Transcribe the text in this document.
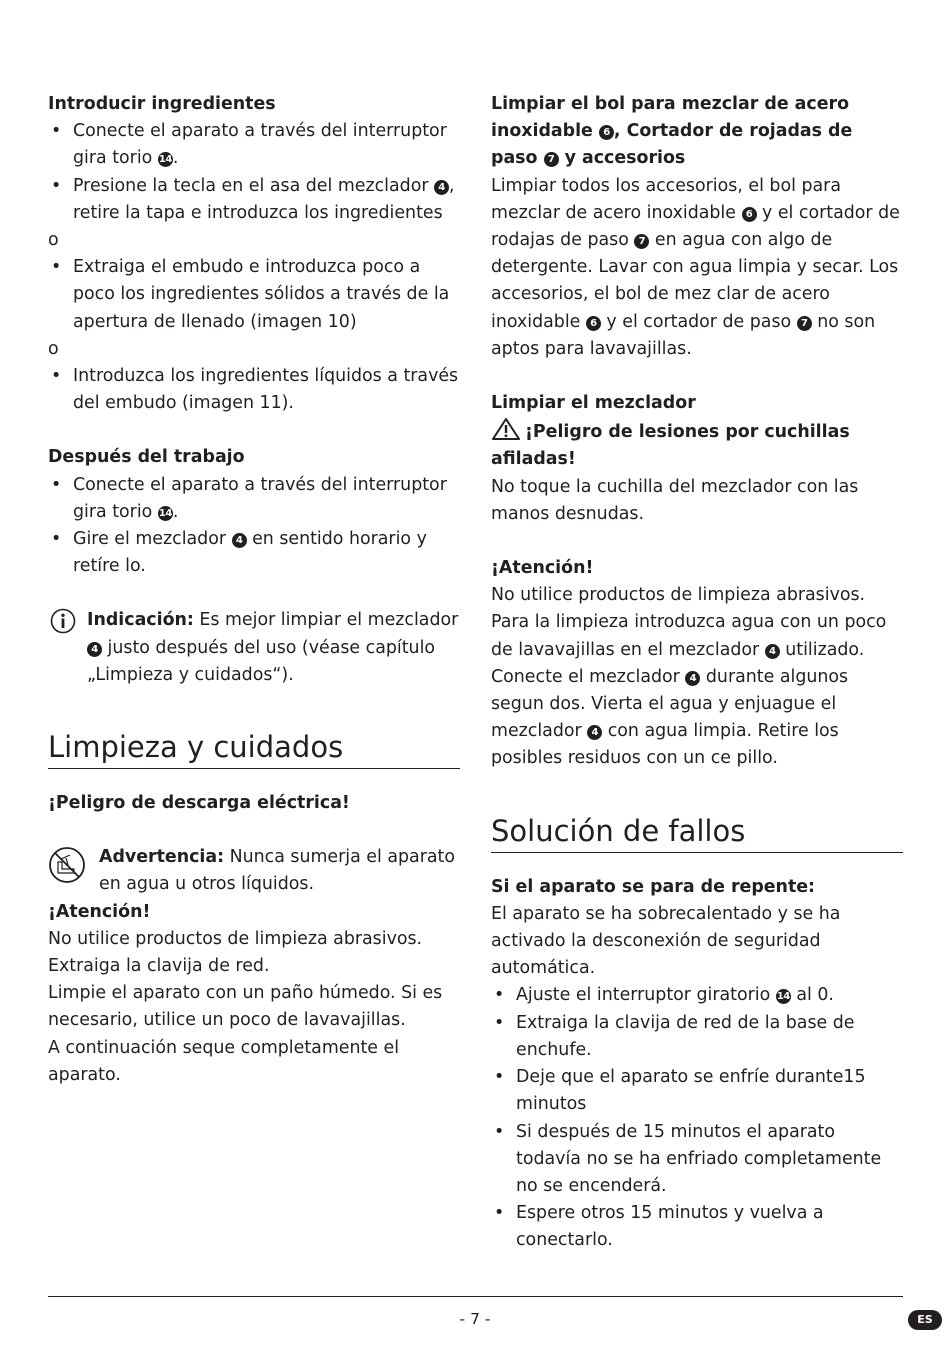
Introducir ingredientes

• Conecte el aparato a través del interruptor gira torio 14.
• Presione la tecla en el asa del mezclador 4 , retire la tapa e introduzca los ingredientes

o

• Extraiga el embudo e introduzca poco a poco los ingredientes sólidos a través de la apertura de llenado (imagen 10)

o

• Introduzca los ingredientes líquidos a través del embudo (imagen 11).

Después del trabajo

• Conecte el aparato a través del interruptor gira torio 14.
• Gire el mezclador 4 en sentido horario y retíre lo.
Indicación: Es mejor limpiar el mezclador 4 justo después del uso (véase capítulo „Limpieza y cuidados“).
Limpieza y cuidados

¡Peligro de descarga eléctrica!

Advertencia: Nunca sumerja el aparato en agua u otros líquidos.

¡Atención!

No utilice productos de limpieza abrasivos.

Extraiga la clavija de red.

Limpie el aparato con un paño húmedo. Si es necesario, utilice un poco de lavavajillas.

A continuación seque completamente el aparato.

Limpiar el bol para mezclar de acero inoxidable 6 , Cortador de rojadas de paso 7 y accesorios

Limpiar todos los accesorios, el bol para mezclar de acero inoxidable 6 y el cortador de rodajas de paso 7 en agua con algo de detergente. Lavar con agua limpia y secar. Los accesorios, el bol de mez clar de acero inoxidable 6 y el cortador de paso 7 no son aptos para lavavajillas.

Limpiar el mezclador

¡Peligro de lesiones por cuchillas afiladas!

No toque la cuchilla del mezclador con las manos desnudas.

¡Atención!

No utilice productos de limpieza abrasivos.

Para la limpieza introduzca agua con un poco de lavavajillas en el mezclador 4 utilizado.

Conecte el mezclador 4 durante algunos segun dos. Vierta el agua y enjuague el mezclador 4 con agua limpia. Retire los posibles residuos con un ce pillo.

Solución de fallos

Si el aparato se para de repente:

El aparato se ha sobrecalentado y se ha activado la desconexión de seguridad automática.

• Ajuste el interruptor giratorio 14 al 0.
• Extraiga la clavija de red de la base de enchufe.
• Deje que el aparato se enfríe durante15 minutos
• Si después de 15 minutos el aparato todavía no se ha enfriado completamente no se encenderá.
• Espere otros 15 minutos y vuelva a conectarlo.
- 7 -	ES
